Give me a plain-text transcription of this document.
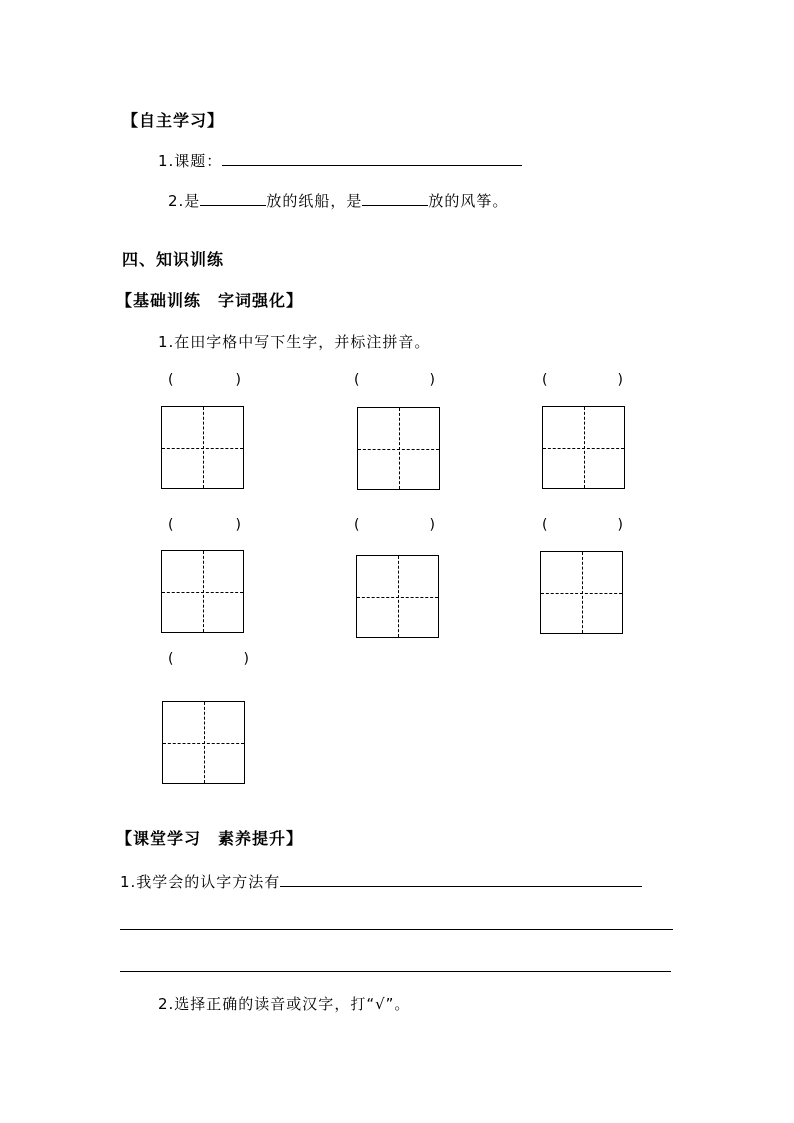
【自主学习】
1.课题：
2.是	放的纸船，是	放的风筝。
四、知识训练
【基础训练　字词强化】
1.在田字格中写下生字，并标注拼音。
(	)	(	)	(	)
(	)	(	)	(	)
(	)
【课堂学习　素养提升】
1.我学会的认字方法有
2.选择正确的读音或汉字，打“√”。
